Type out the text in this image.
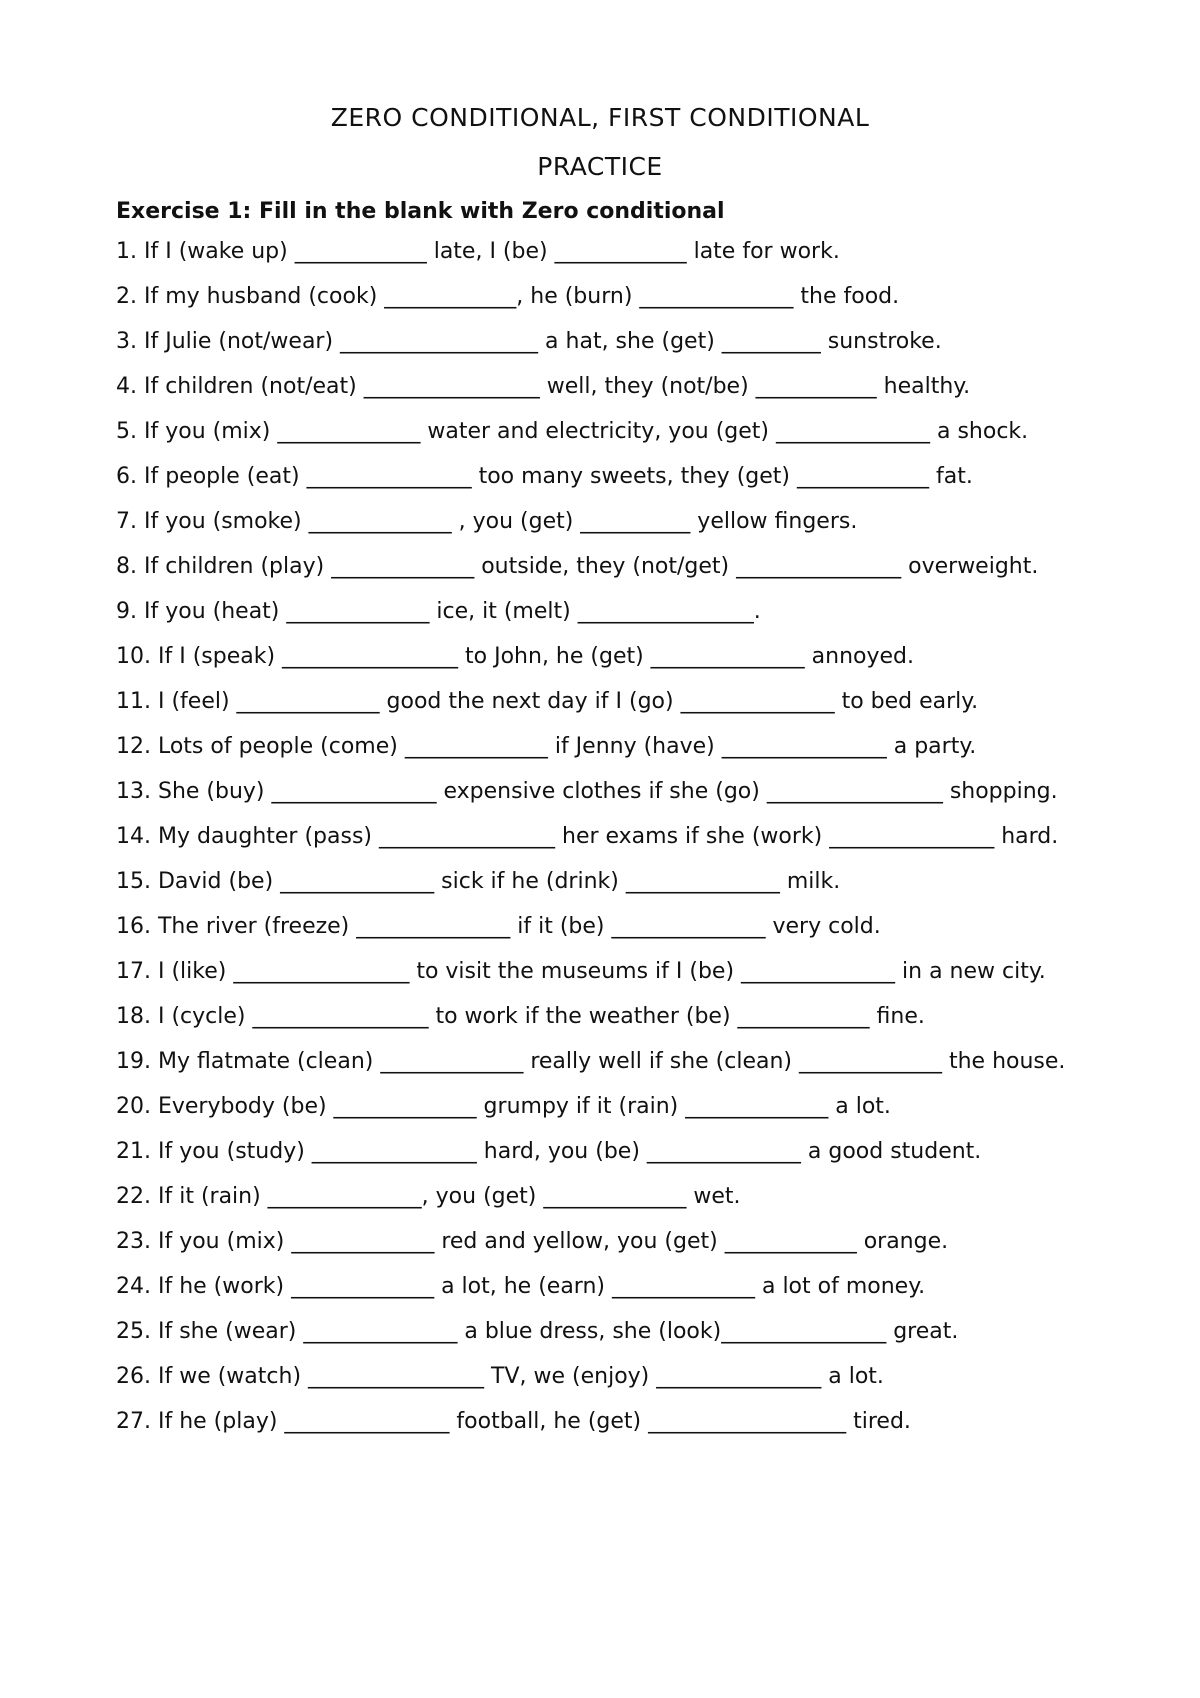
ZERO CONDITIONAL, FIRST CONDITIONAL
PRACTICE
Exercise 1: Fill in the blank with Zero conditional
1. If I (wake up) ____________ late, I (be) ____________ late for work.
2. If my husband (cook) ____________, he (burn) ______________ the food.
3. If Julie (not/wear) __________________ a hat, she (get) _________ sunstroke.
4. If children (not/eat) ________________ well, they (not/be) ___________ healthy.
5. If you (mix) _____________ water and electricity, you (get) ______________ a shock.
6. If people (eat) _______________ too many sweets, they (get) ____________ fat.
7. If you (smoke) _____________ , you (get) __________ yellow fingers.
8. If children (play) _____________ outside, they (not/get) _______________ overweight.
9. If you (heat) _____________ ice, it (melt) ________________.
10. If I (speak) ________________ to John, he (get) ______________ annoyed.
11. I (feel) _____________ good the next day if I (go) ______________ to bed early.
12. Lots of people (come) _____________ if Jenny (have) _______________ a party.
13. She (buy) _______________ expensive clothes if she (go) ________________ shopping.
14. My daughter (pass) ________________ her exams if she (work) _______________ hard.
15. David (be) ______________ sick if he (drink) ______________ milk.
16. The river (freeze) ______________ if it (be) ______________ very cold.
17. I (like) ________________ to visit the museums if I (be) ______________ in a new city.
18. I (cycle) ________________ to work if the weather (be) ____________ fine.
19. My flatmate (clean) _____________ really well if she (clean) _____________ the house.
20. Everybody (be) _____________ grumpy if it (rain) _____________ a lot.
21. If you (study) _______________ hard, you (be) ______________ a good student.
22. If it (rain) ______________, you (get) _____________ wet.
23. If you (mix) _____________ red and yellow, you (get) ____________ orange.
24. If he (work) _____________ a lot, he (earn) _____________ a lot of money.
25. If she (wear) ______________ a blue dress, she (look)_______________ great.
26. If we (watch) ________________ TV, we (enjoy) _______________ a lot.
27. If he (play) _______________ football, he (get) __________________ tired.
